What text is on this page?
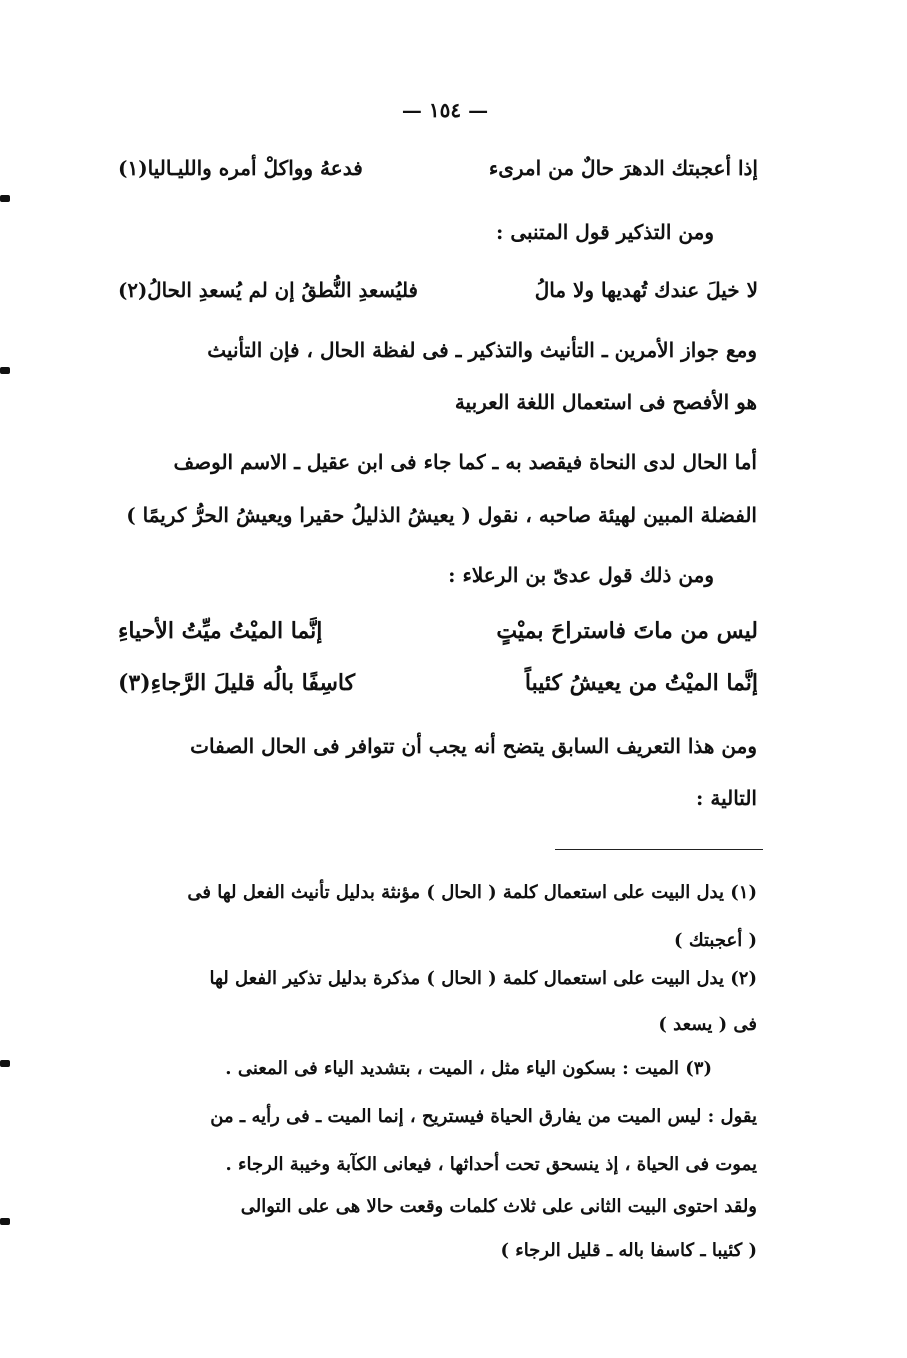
— ١٥٤ —
إذا أعجبتك الدهرَ حالٌ من امرىء
فدعهُ وواكلْ أمره والليـاليا(١)
ومن التذكير قول المتنبى :
لا خيلَ عندك تُهديها ولا مالُ
فليُسعدِ النُّطقُ إن لم يُسعدِ الحالُ(٢)
ومع جواز الأمرين ـ التأنيث والتذكير ـ فى لفظة الحال ، فإن التأنيث
هو الأفصح فى استعمال اللغة العربية
أما الحال لدى النحاة فيقصد به ـ كما جاء فى ابن عقيل ـ الاسم الوصف
الفضلة المبين لهيئة صاحبه ، نقول ( يعيشُ الذليلُ حقيرا ويعيشُ الحرُّ كريمًا )
ومن ذلك قول عدىّ بن الرعلاء :
ليس من ماتَ فاستراحَ بميْتٍ
إنَّما الميْتُ ميِّتُ الأحياءِ
إنَّما الميْتُ من يعيشُ كئيباً
كاسِفًا بالُه قليلَ الرَّجاءِ(٣)
ومن هذا التعريف السابق يتضح أنه يجب أن تتوافر فى الحال الصفات
التالية :
(١) يدل البيت على استعمال كلمة ( الحال ) مؤنثة بدليل تأنيث الفعل لها فى
( أعجبتك )
(٢) يدل البيت على استعمال كلمة ( الحال ) مذكرة بدليل تذكير الفعل لها
فى ( يسعد )
(٣) الميت : بسكون الياء مثل ، الميت ، بتشديد الياء فى المعنى .
يقول : ليس الميت من يفارق الحياة فيستريح ، إنما الميت ـ فى رأيه ـ من
يموت فى الحياة ، إذ ينسحق تحت أحداثها ، فيعانى الكآبة وخيبة الرجاء .
ولقد احتوى البيت الثانى على ثلاث كلمات وقعت حالا هى على التوالى
( كئيبا ـ كاسفا باله ـ قليل الرجاء )
